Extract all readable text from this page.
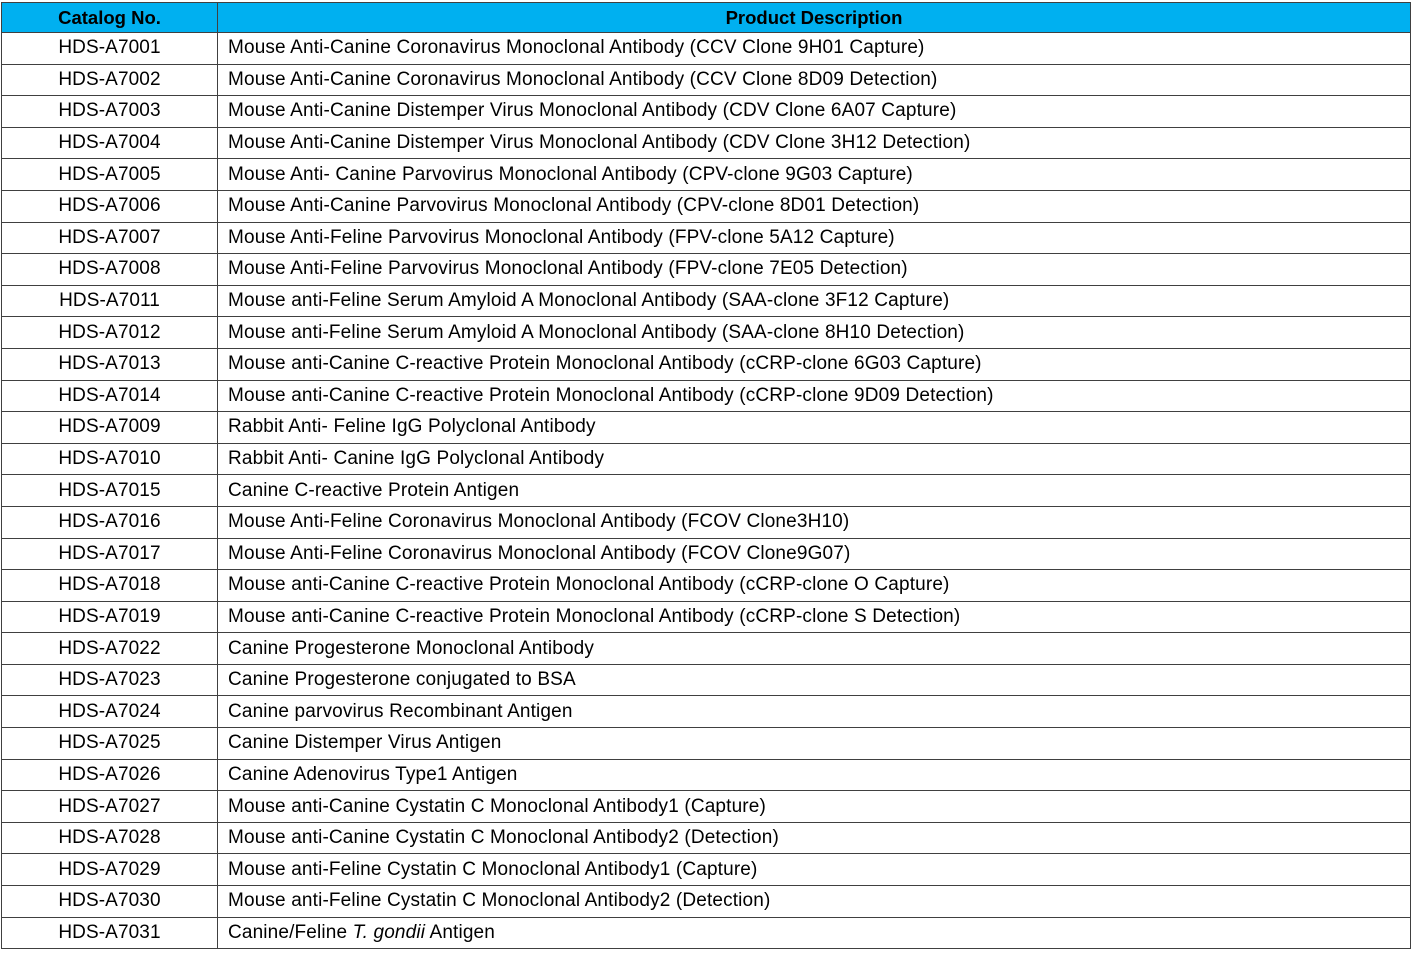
Catalog No.	Product Description
HDS-A7001	Mouse Anti-Canine Coronavirus Monoclonal Antibody (CCV Clone 9H01 Capture)
HDS-A7002	Mouse Anti-Canine Coronavirus Monoclonal Antibody (CCV Clone 8D09 Detection)
HDS-A7003	Mouse Anti-Canine Distemper Virus Monoclonal Antibody (CDV Clone 6A07 Capture)
HDS-A7004	Mouse Anti-Canine Distemper Virus Monoclonal Antibody (CDV Clone 3H12 Detection)
HDS-A7005	Mouse Anti- Canine Parvovirus Monoclonal Antibody (CPV-clone 9G03 Capture)
HDS-A7006	Mouse Anti-Canine Parvovirus Monoclonal Antibody (CPV-clone 8D01 Detection)
HDS-A7007	Mouse Anti-Feline Parvovirus Monoclonal Antibody (FPV-clone 5A12 Capture)
HDS-A7008	Mouse Anti-Feline Parvovirus Monoclonal Antibody (FPV-clone 7E05 Detection)
HDS-A7011	Mouse anti-Feline Serum Amyloid A Monoclonal Antibody (SAA-clone 3F12 Capture)
HDS-A7012	Mouse anti-Feline Serum Amyloid A Monoclonal Antibody (SAA-clone 8H10 Detection)
HDS-A7013	Mouse anti-Canine C-reactive Protein Monoclonal Antibody (cCRP-clone 6G03 Capture)
HDS-A7014	Mouse anti-Canine C-reactive Protein Monoclonal Antibody (cCRP-clone 9D09 Detection)
HDS-A7009	Rabbit Anti- Feline IgG Polyclonal Antibody
HDS-A7010	Rabbit Anti- Canine IgG Polyclonal Antibody
HDS-A7015	Canine C-reactive Protein Antigen
HDS-A7016	Mouse Anti-Feline Coronavirus Monoclonal Antibody (FCOV Clone3H10)
HDS-A7017	Mouse Anti-Feline Coronavirus Monoclonal Antibody (FCOV Clone9G07)
HDS-A7018	Mouse anti-Canine C-reactive Protein Monoclonal Antibody (cCRP-clone O Capture)
HDS-A7019	Mouse anti-Canine C-reactive Protein Monoclonal Antibody (cCRP-clone S Detection)
HDS-A7022	Canine Progesterone Monoclonal Antibody
HDS-A7023	Canine Progesterone conjugated to BSA
HDS-A7024	Canine parvovirus Recombinant Antigen
HDS-A7025	Canine Distemper Virus Antigen
HDS-A7026	Canine Adenovirus Type1 Antigen
HDS-A7027	Mouse anti-Canine Cystatin C Monoclonal Antibody1 (Capture)
HDS-A7028	Mouse anti-Canine Cystatin C Monoclonal Antibody2 (Detection)
HDS-A7029	Mouse anti-Feline Cystatin C Monoclonal Antibody1 (Capture)
HDS-A7030	Mouse anti-Feline Cystatin C Monoclonal Antibody2 (Detection)
HDS-A7031	Canine/Feline T. gondii Antigen
